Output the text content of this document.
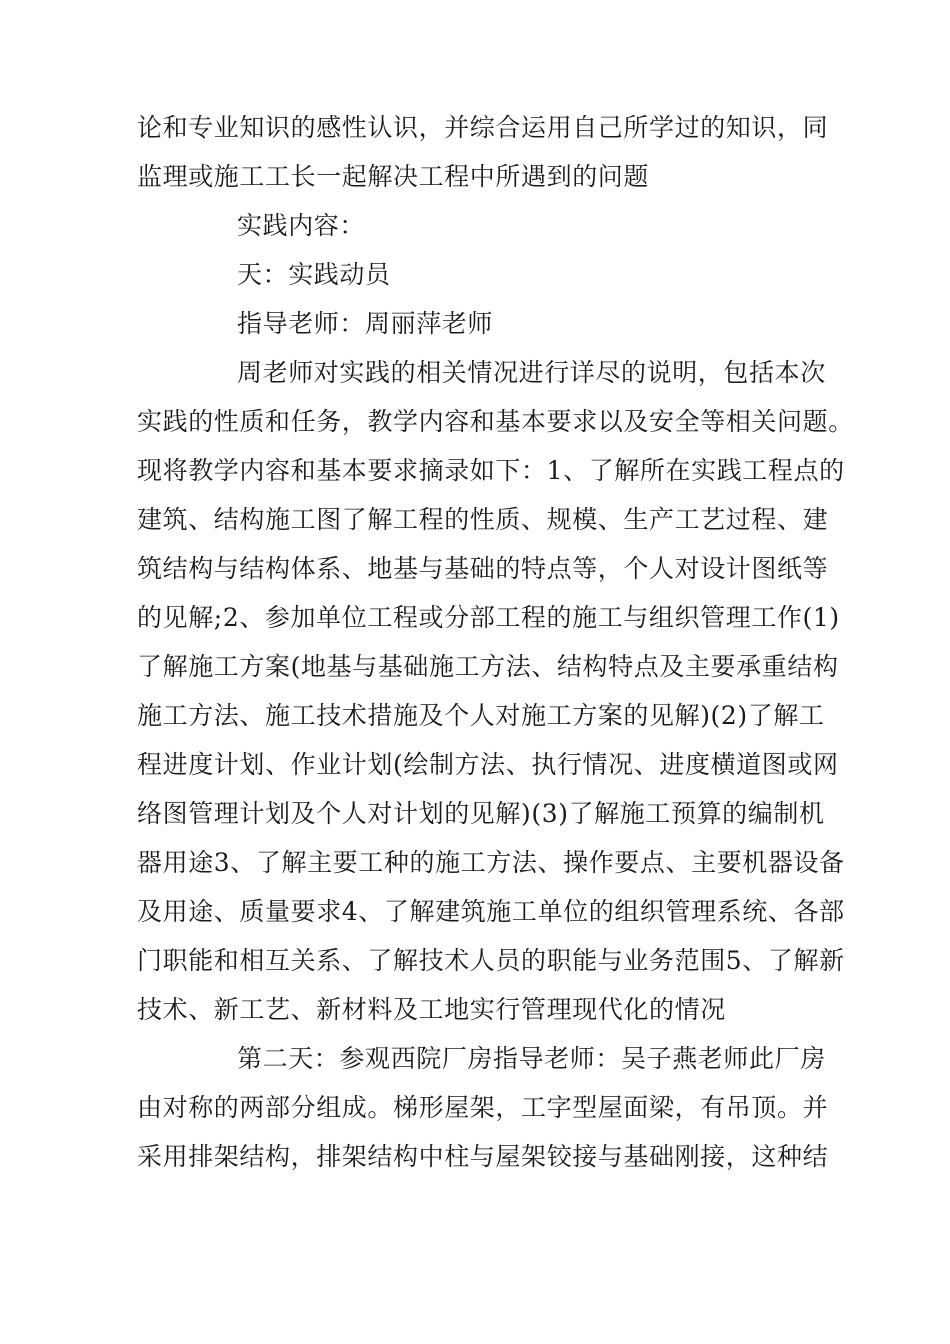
论和专业知识的感性认识，并综合运用自己所学过的知识，同
监理或施工工长一起解决工程中所遇到的问题
实践内容：
天：实践动员
指导老师：周丽萍老师
周老师对实践的相关情况进行详尽的说明，包括本次
实践的性质和任务，教学内容和基本要求以及安全等相关问题。
现将教学内容和基本要求摘录如下：1、了解所在实践工程点的
建筑、结构施工图了解工程的性质、规模、生产工艺过程、建
筑结构与结构体系、地基与基础的特点等，个人对设计图纸等
的见解;2、参加单位工程或分部工程的施工与组织管理工作(1)
了解施工方案(地基与基础施工方法、结构特点及主要承重结构
施工方法、施工技术措施及个人对施工方案的见解)(2)了解工
程进度计划、作业计划(绘制方法、执行情况、进度横道图或网
络图管理计划及个人对计划的见解)(3)了解施工预算的编制机
器用途3、了解主要工种的施工方法、操作要点、主要机器设备
及用途、质量要求4、了解建筑施工单位的组织管理系统、各部
门职能和相互关系、了解技术人员的职能与业务范围5、了解新
技术、新工艺、新材料及工地实行管理现代化的情况
第二天：参观西院厂房指导老师：吴子燕老师此厂房
由对称的两部分组成。梯形屋架，工字型屋面梁，有吊顶。并
采用排架结构，排架结构中柱与屋架铰接与基础刚接，这种结
